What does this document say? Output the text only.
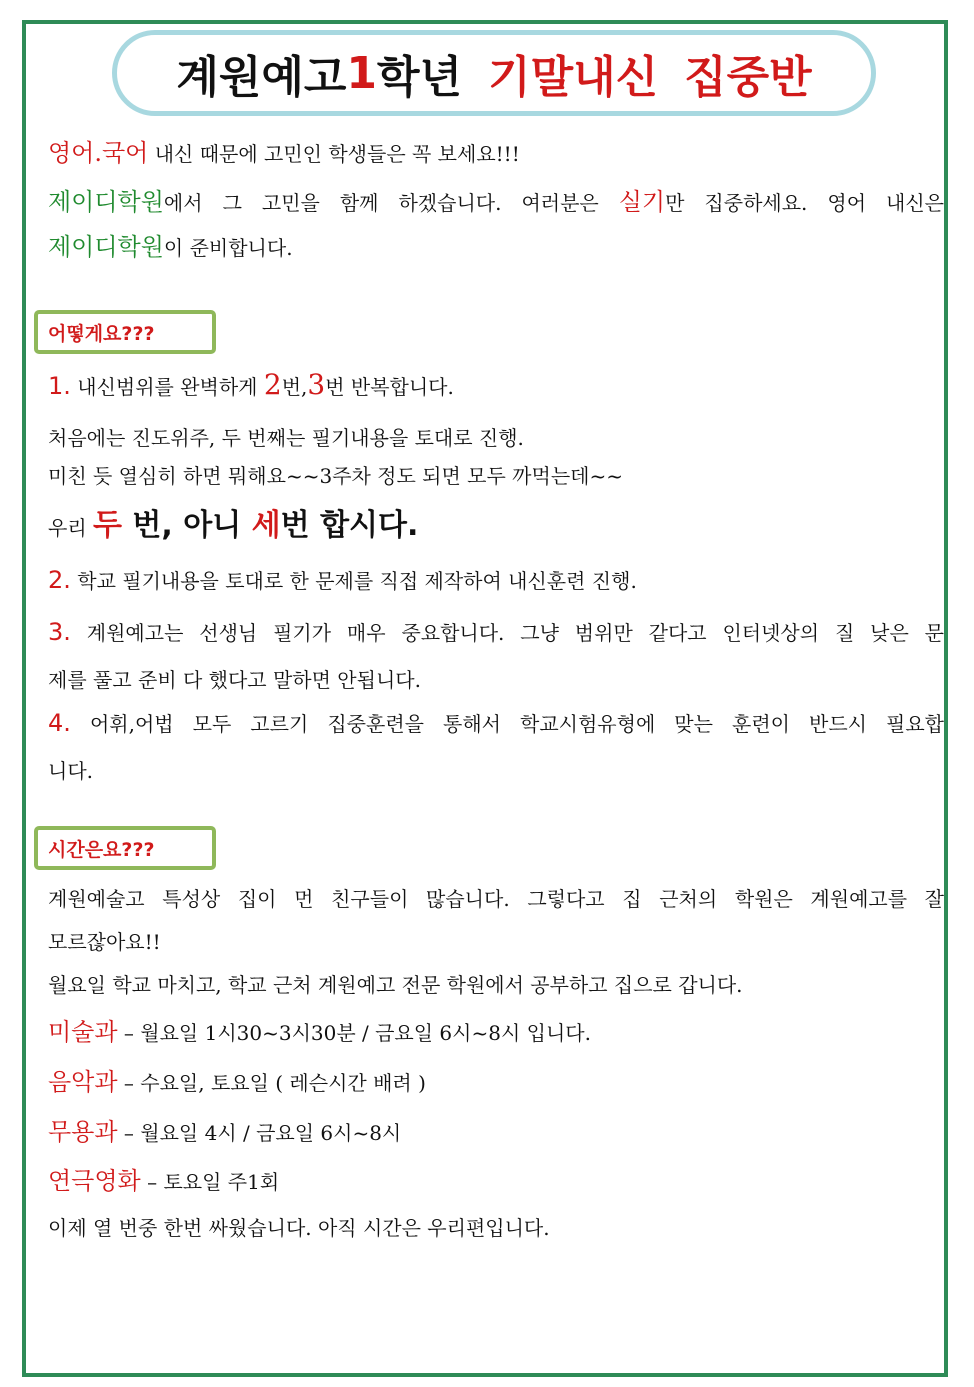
계원예고 1 학년 기말내신 집중반
영어.국어 내신 때문에 고민인 학생들은 꼭 보세요!!!
제이디학원에서 그 고민을 함께 하겠습니다. 여러분은 실기만 집중하세요. 영어 내신은
제이디학원이 준비합니다.
어떻게요???
1. 내신범위를 완벽하게 2번,3번 반복합니다.
처음에는 진도위주, 두 번째는 필기내용을 토대로 진행.
미친 듯 열심히 하면 뭐해요~~3주차 정도 되면 모두 까먹는데~~
우리 두 번, 아니 세번 합시다.
2. 학교 필기내용을 토대로 한 문제를 직접 제작하여 내신훈련 진행.
3. 계원예고는 선생님 필기가 매우 중요합니다. 그냥 범위만 같다고 인터넷상의 질 낮은 문
제를 풀고 준비 다 했다고 말하면 안됩니다.
4. 어휘,어법 모두 고르기 집중훈련을 통해서 학교시험유형에 맞는 훈련이 반드시 필요합
니다.
시간은요???
계원예술고 특성상 집이 먼 친구들이 많습니다. 그렇다고 집 근처의 학원은 계원예고를 잘
모르잖아요!!
월요일 학교 마치고, 학교 근처 계원예고 전문 학원에서 공부하고 집으로 갑니다.
미술과 – 월요일 1시30~3시30분 / 금요일 6시~8시 입니다.
음악과 – 수요일, 토요일 ( 레슨시간 배려 )
무용과 – 월요일 4시 / 금요일 6시~8시
연극영화 – 토요일 주1회
이제 열 번중 한번 싸웠습니다. 아직 시간은 우리편입니다.
